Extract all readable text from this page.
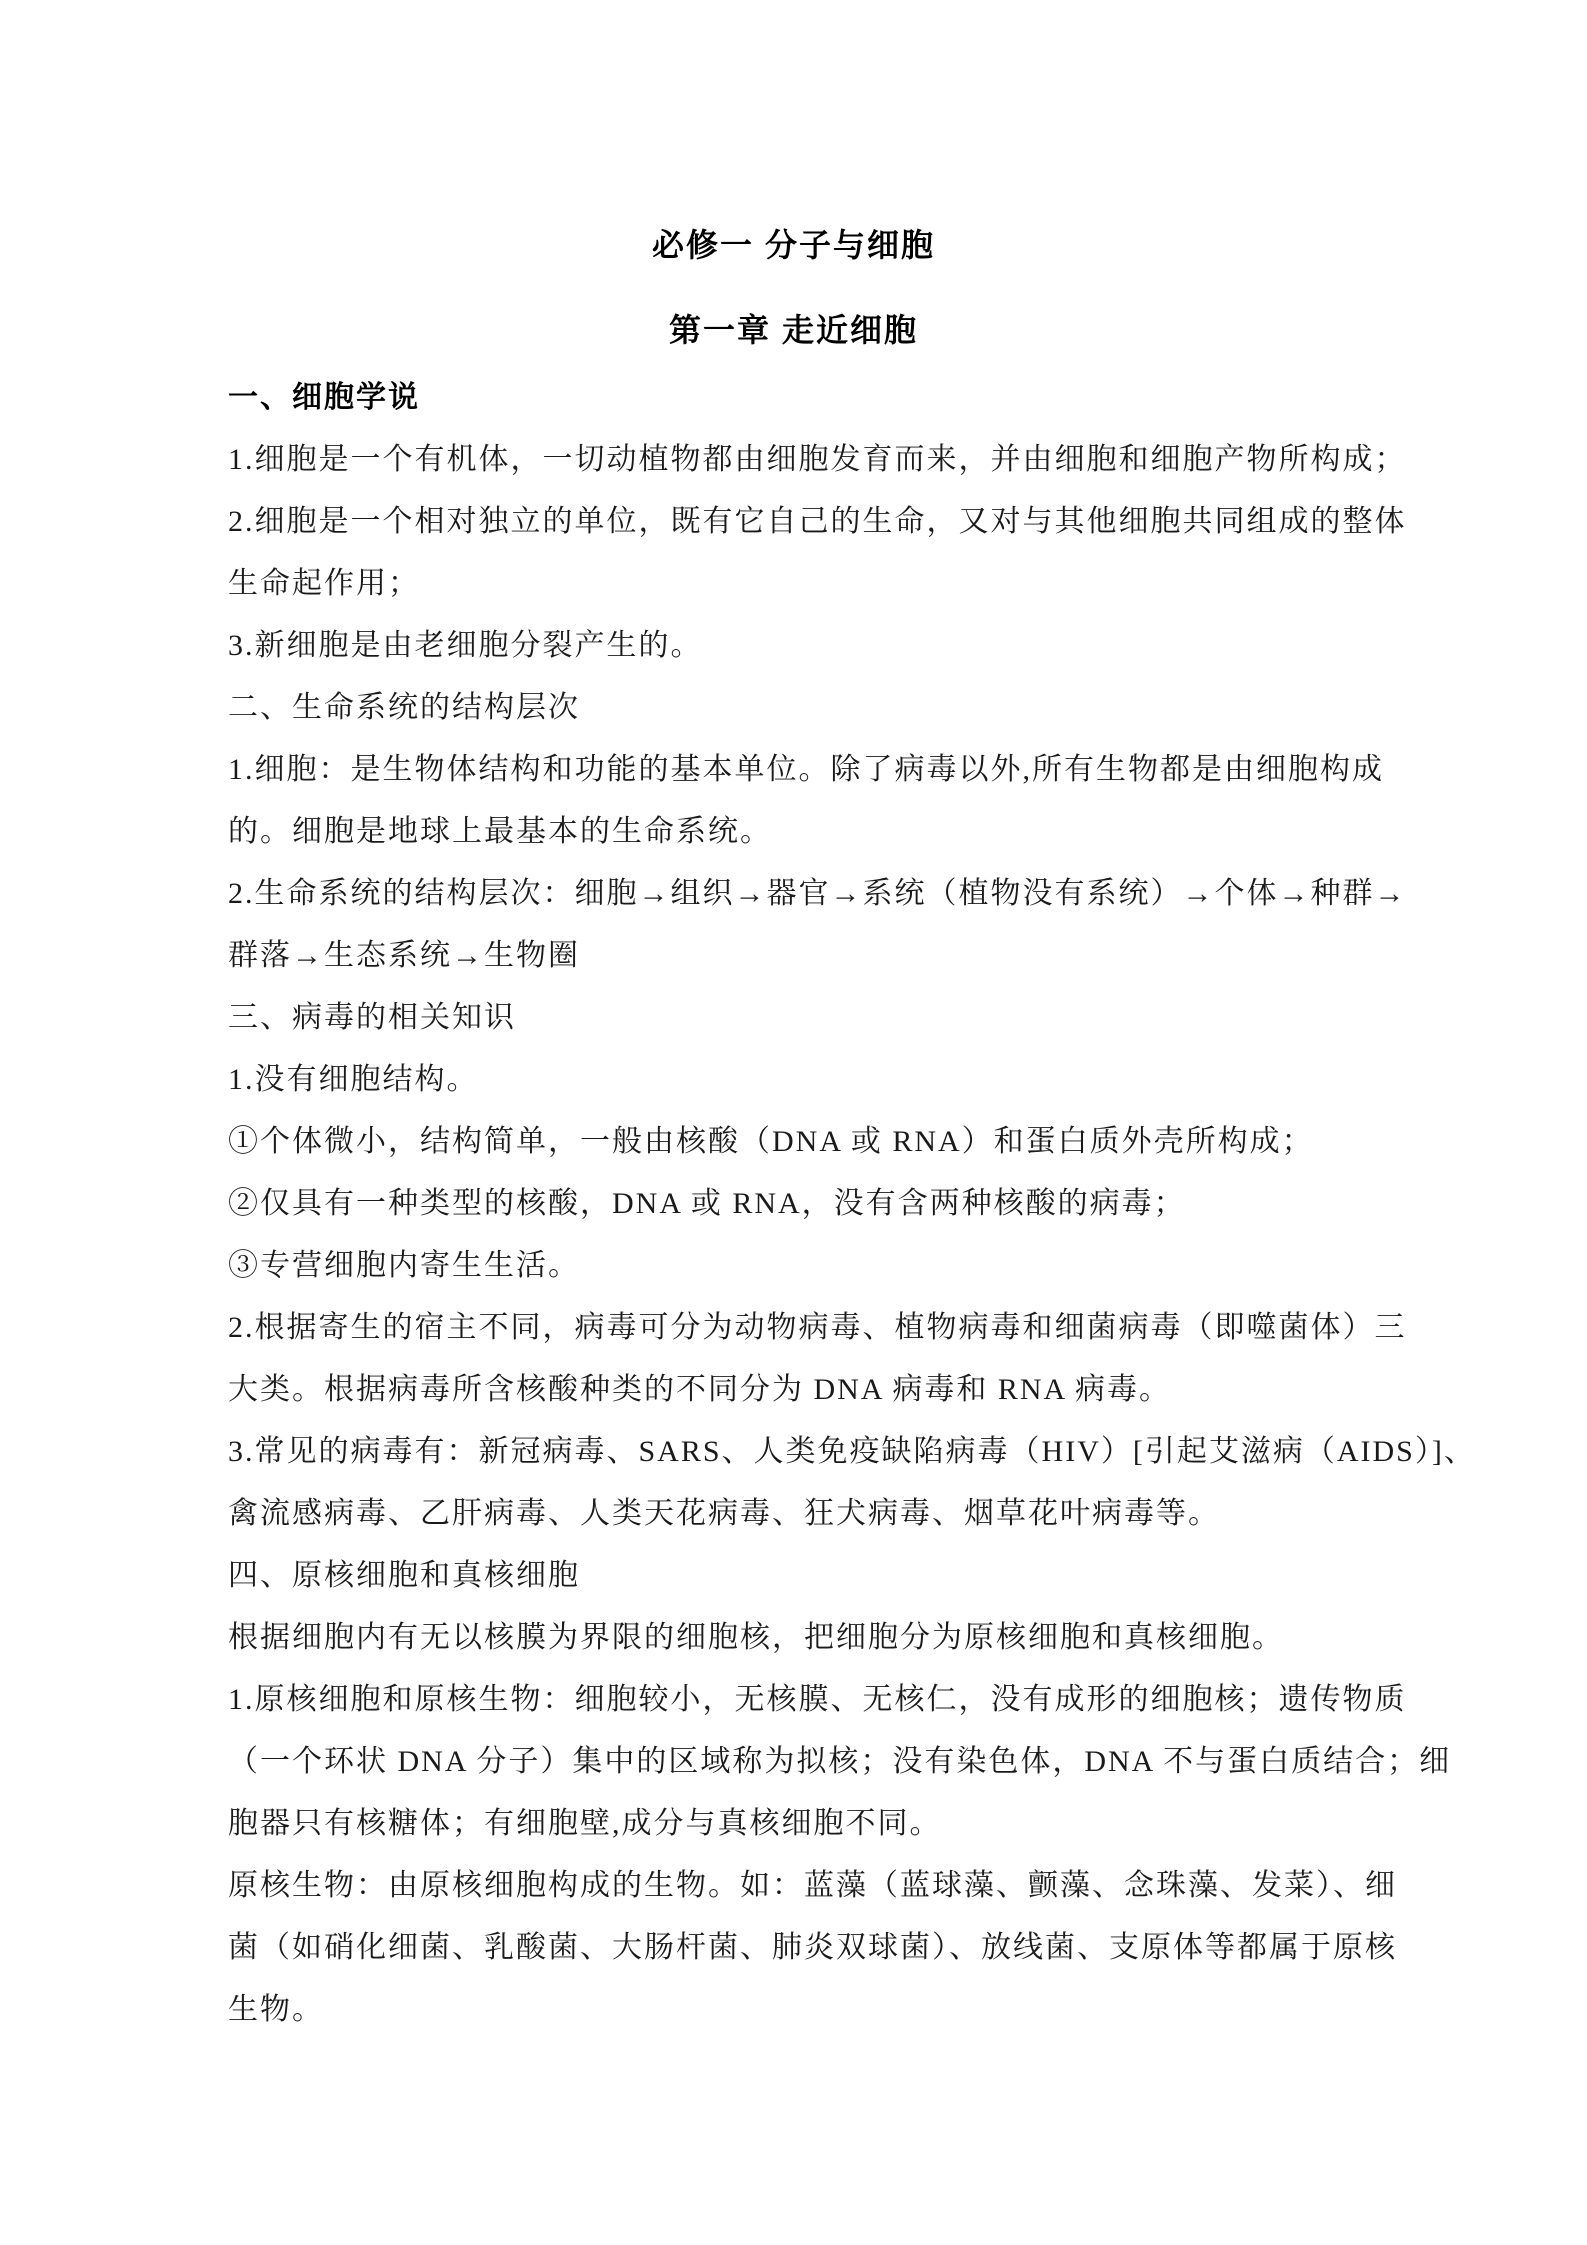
必修一 分子与细胞
第一章 走近细胞
一、细胞学说
1.细胞是一个有机体，一切动植物都由细胞发育而来，并由细胞和细胞产物所构成；
2.细胞是一个相对独立的单位，既有它自己的生命，又对与其他细胞共同组成的整体
生命起作用；
3.新细胞是由老细胞分裂产生的。
二、生命系统的结构层次
1.细胞：是生物体结构和功能的基本单位。除了病毒以外,所有生物都是由细胞构成
的。细胞是地球上最基本的生命系统。
2.生命系统的结构层次：细胞→组织→器官→系统（植物没有系统）→个体→种群→
群落→生态系统→生物圈
三、病毒的相关知识
1.没有细胞结构。
①个体微小，结构简单，一般由核酸（DNA 或 RNA）和蛋白质外壳所构成；
②仅具有一种类型的核酸，DNA 或 RNA，没有含两种核酸的病毒；
③专营细胞内寄生生活。
2.根据寄生的宿主不同，病毒可分为动物病毒、植物病毒和细菌病毒（即噬菌体）三
大类。根据病毒所含核酸种类的不同分为 DNA 病毒和 RNA 病毒。
3.常见的病毒有：新冠病毒、SARS、人类免疫缺陷病毒（HIV）[引起艾滋病（AIDS）]、
禽流感病毒、乙肝病毒、人类天花病毒、狂犬病毒、烟草花叶病毒等。
四、原核细胞和真核细胞
根据细胞内有无以核膜为界限的细胞核，把细胞分为原核细胞和真核细胞。
1.原核细胞和原核生物：细胞较小，无核膜、无核仁，没有成形的细胞核；遗传物质
（一个环状 DNA 分子）集中的区域称为拟核；没有染色体，DNA 不与蛋白质结合；细
胞器只有核糖体；有细胞壁,成分与真核细胞不同。
原核生物：由原核细胞构成的生物。如：蓝藻（蓝球藻、颤藻、念珠藻、发菜）、细
菌（如硝化细菌、乳酸菌、大肠杆菌、肺炎双球菌）、放线菌、支原体等都属于原核
生物。
